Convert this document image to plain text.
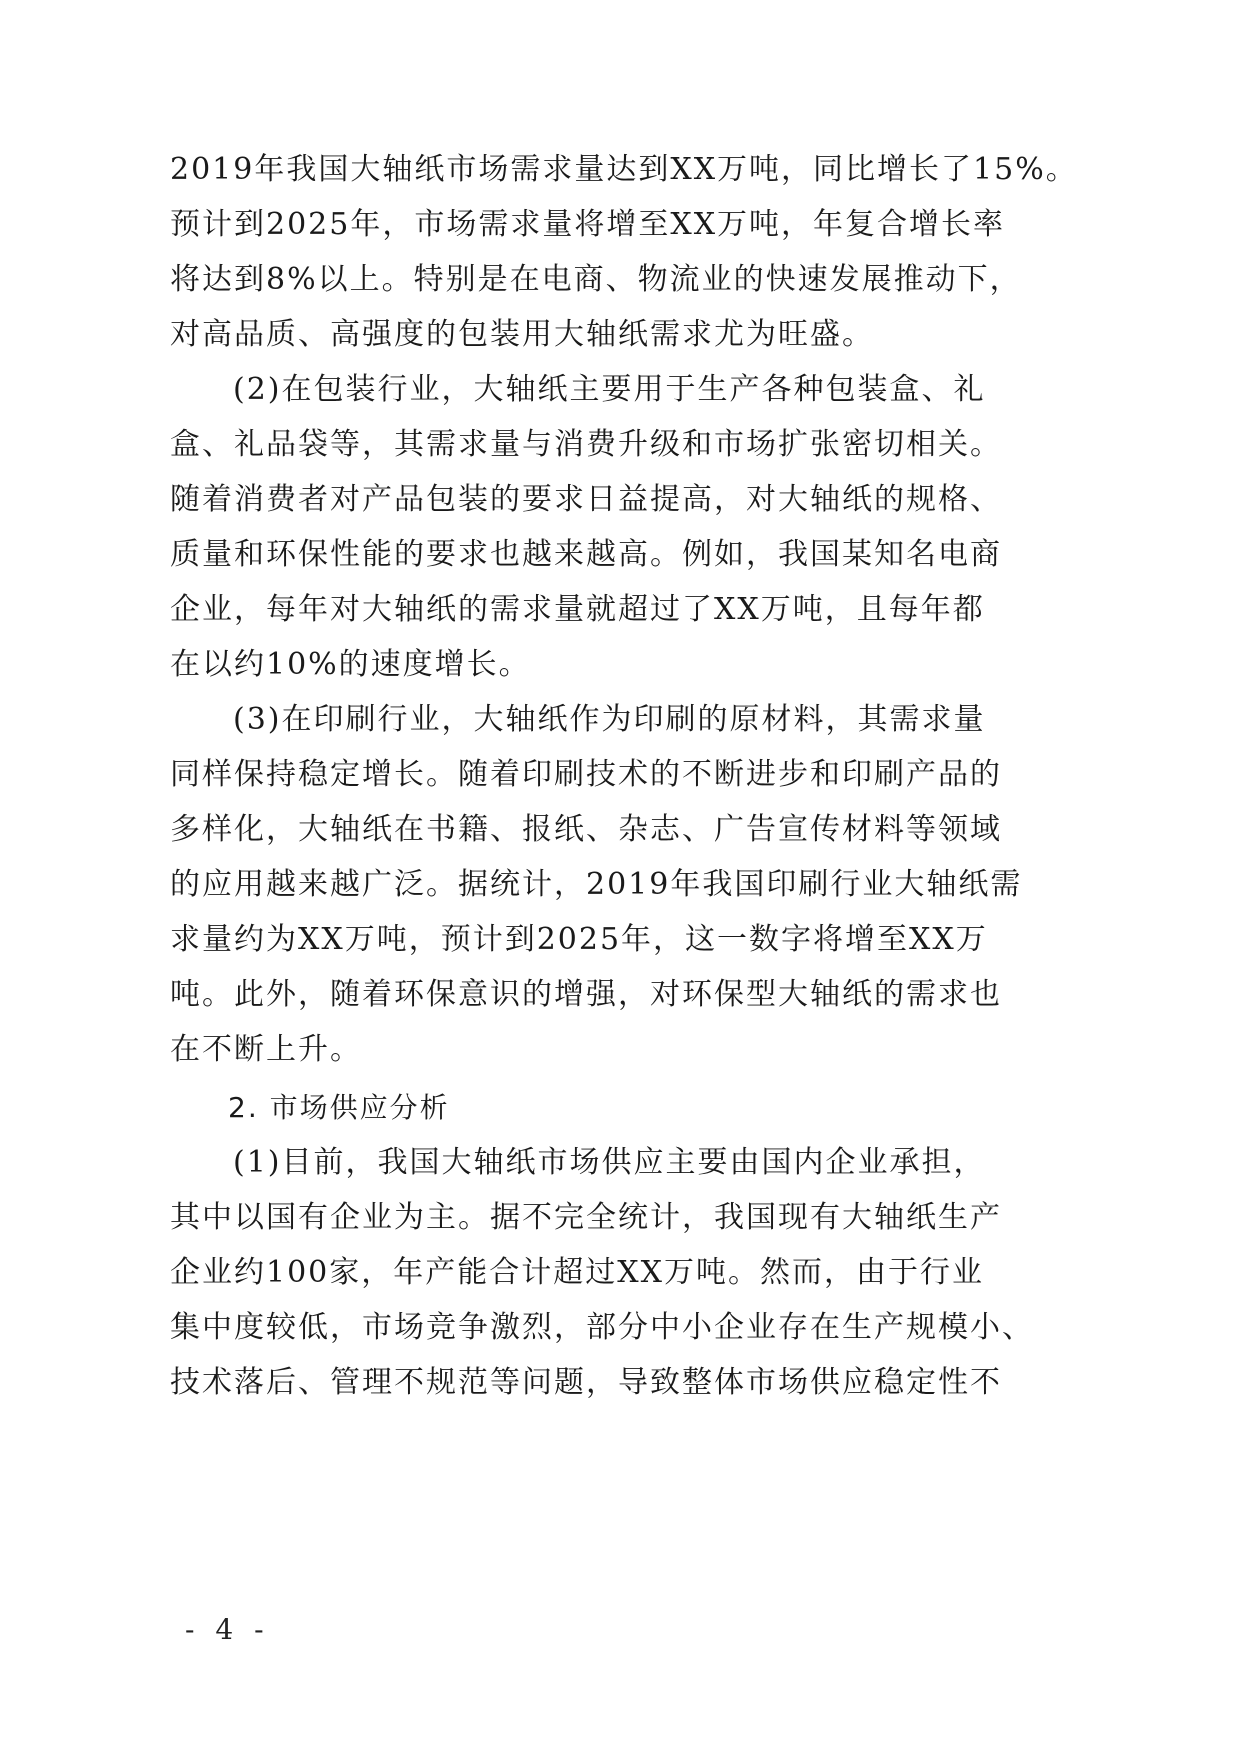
2019年我国大轴纸市场需求量达到XX万吨，同比增长了15%。
预计到2025年，市场需求量将增至XX万吨，年复合增长率
将达到8%以上。特别是在电商、物流业的快速发展推动下，
对高品质、高强度的包装用大轴纸需求尤为旺盛。
(2)在包装行业，大轴纸主要用于生产各种包装盒、礼
盒、礼品袋等，其需求量与消费升级和市场扩张密切相关。
随着消费者对产品包装的要求日益提高，对大轴纸的规格、
质量和环保性能的要求也越来越高。例如，我国某知名电商
企业，每年对大轴纸的需求量就超过了XX万吨，且每年都
在以约10%的速度增长。
(3)在印刷行业，大轴纸作为印刷的原材料，其需求量
同样保持稳定增长。随着印刷技术的不断进步和印刷产品的
多样化，大轴纸在书籍、报纸、杂志、广告宣传材料等领域
的应用越来越广泛。据统计，2019年我国印刷行业大轴纸需
求量约为XX万吨，预计到2025年，这一数字将增至XX万
吨。此外，随着环保意识的增强，对环保型大轴纸的需求也
在不断上升。
2. 市场供应分析
(1)目前，我国大轴纸市场供应主要由国内企业承担，
其中以国有企业为主。据不完全统计，我国现有大轴纸生产
企业约100家，年产能合计超过XX万吨。然而，由于行业
集中度较低，市场竞争激烈，部分中小企业存在生产规模小、
技术落后、管理不规范等问题，导致整体市场供应稳定性不
- 4 -
